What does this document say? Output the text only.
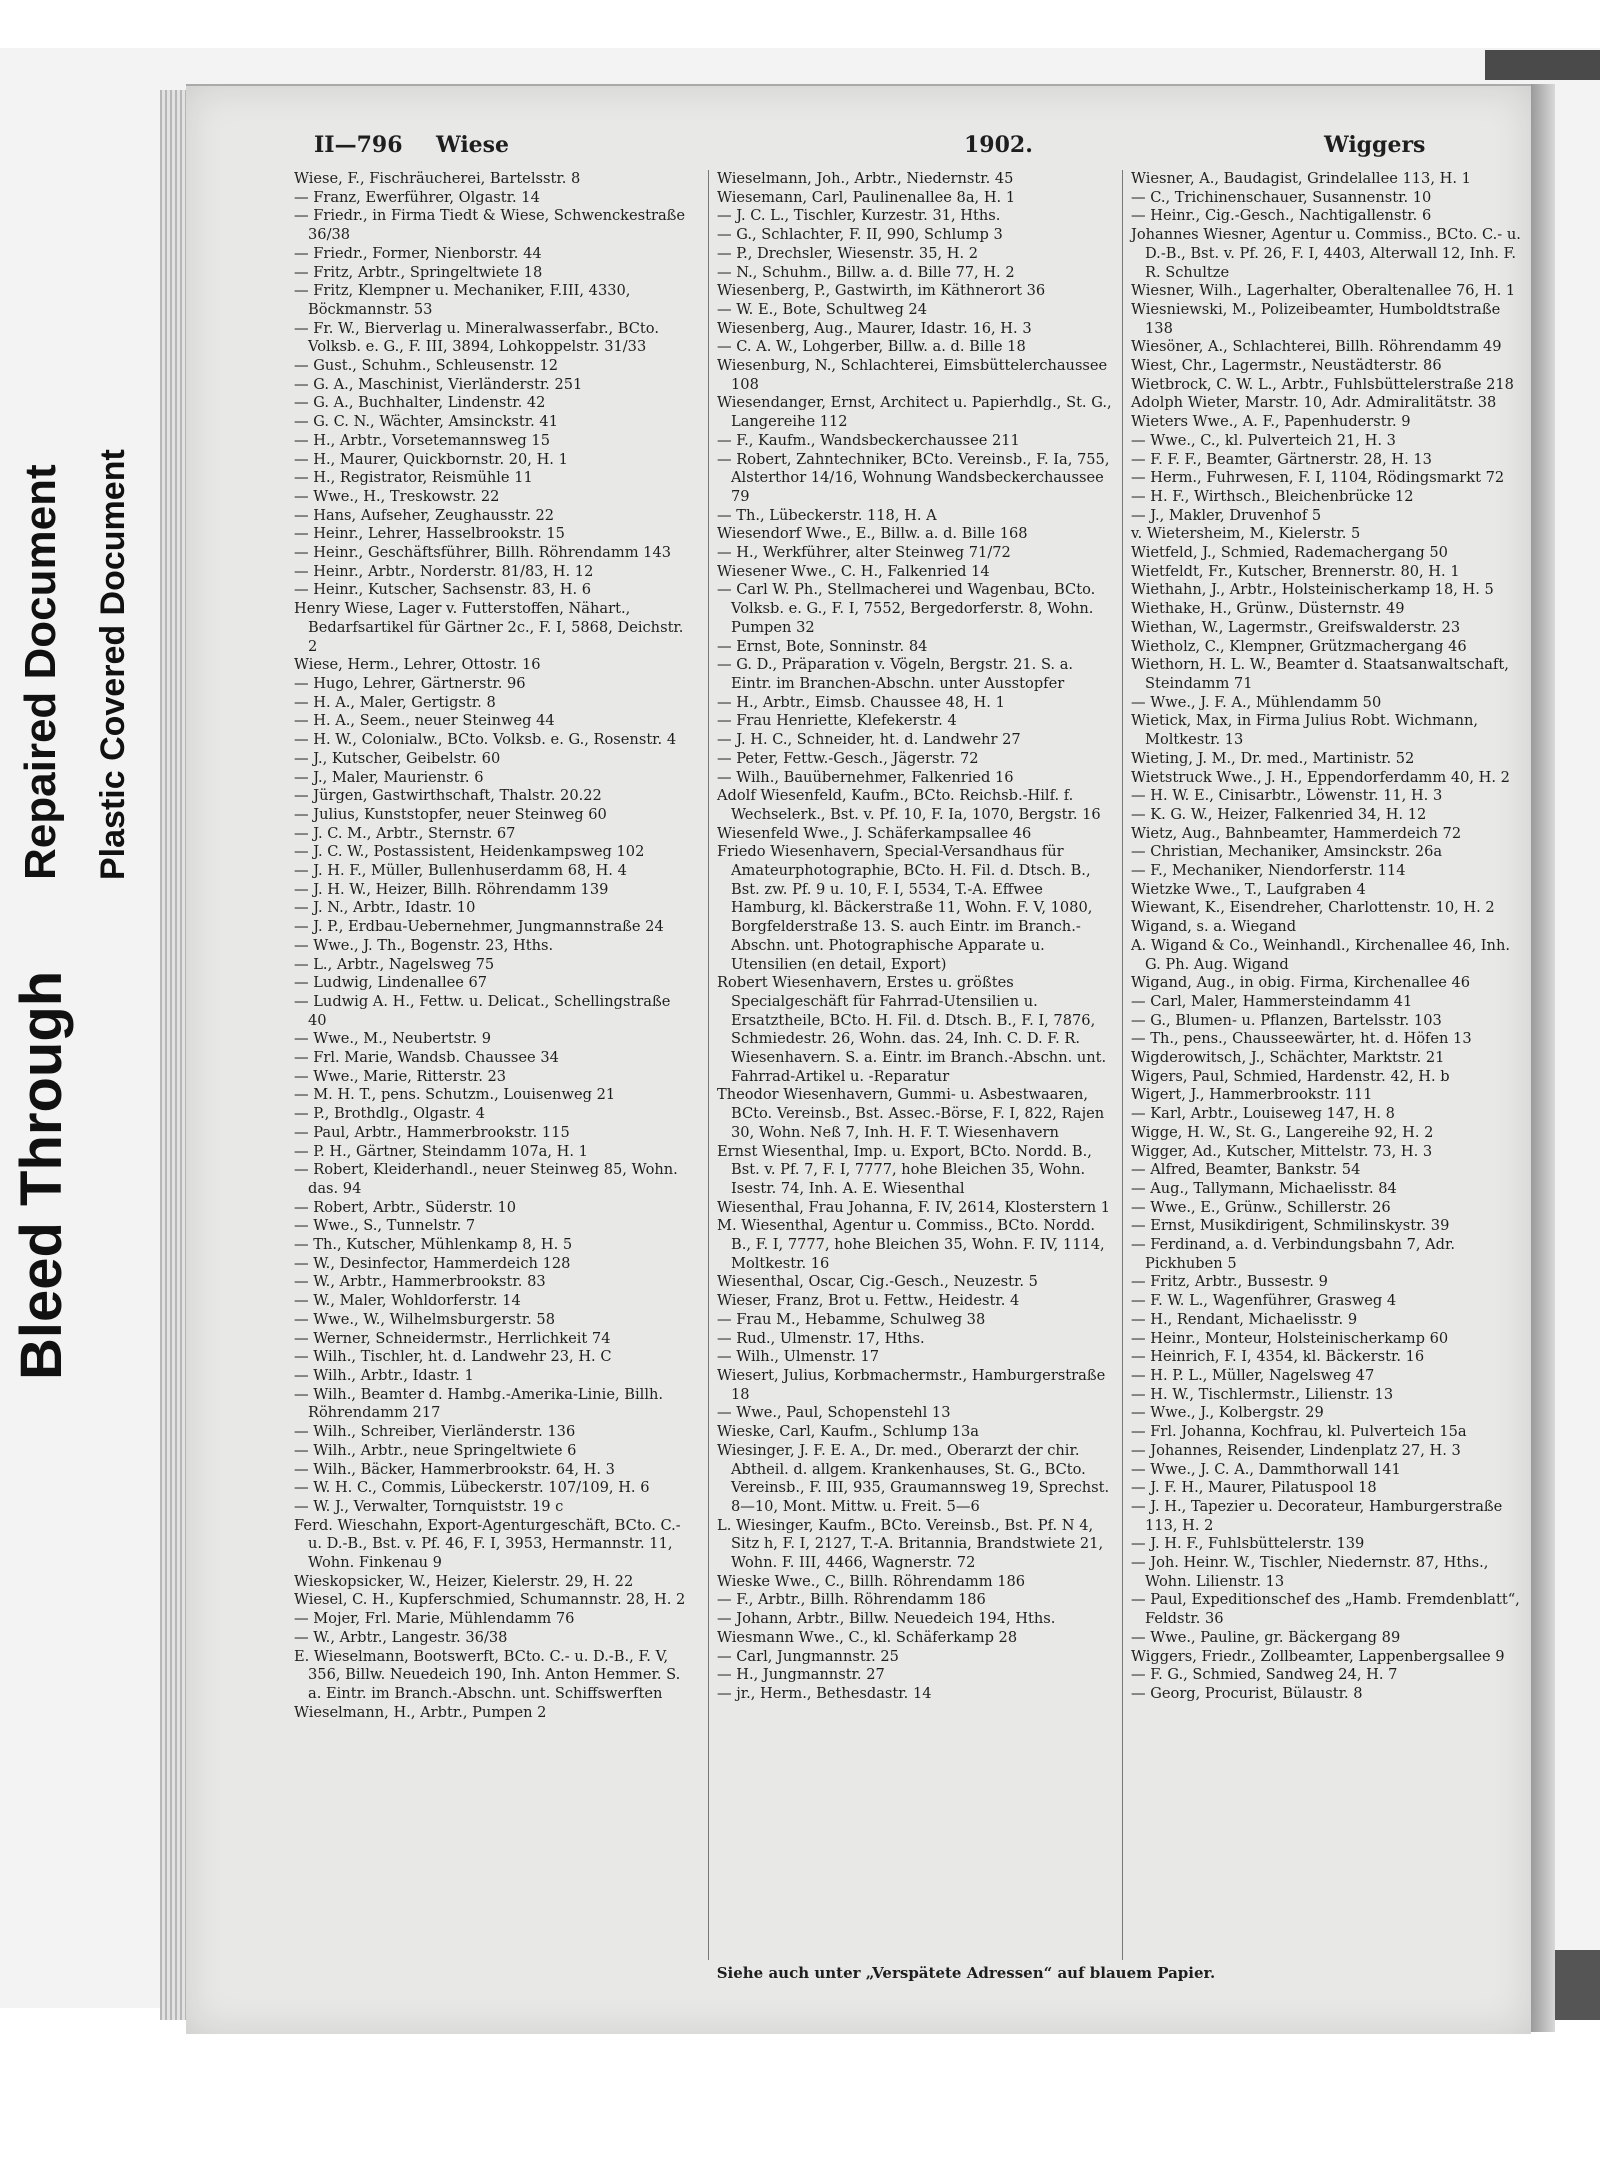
Bleed Through
Repaired Document Plastic Covered Document
II—796 Wiese	1902.	Wiggers

Wiese, F., Fischräucherei, Bartelsstr. 8

— Franz, Ewerführer, Olgastr. 14

— Friedr., in Firma Tiedt & Wiese, Schwenckestraße 36/38

— Friedr., Former, Nienborstr. 44

— Fritz, Arbtr., Springeltwiete 18

— Fritz, Klempner u. Mechaniker, F.III, 4330, Böckmannstr. 53

— Fr. W., Bierverlag u. Mineralwasserfabr., BCto. Volksb. e. G., F. III, 3894, Lohkoppelstr. 31/33

— Gust., Schuhm., Schleusenstr. 12

— G. A., Maschinist, Vierländerstr. 251

— G. A., Buchhalter, Lindenstr. 42

— G. C. N., Wächter, Amsinckstr. 41

— H., Arbtr., Vorsetemannsweg 15

— H., Maurer, Quickbornstr. 20, H. 1

— H., Registrator, Reismühle 11

— Wwe., H., Treskowstr. 22

— Hans, Aufseher, Zeughausstr. 22

— Heinr., Lehrer, Hasselbrookstr. 15

— Heinr., Geschäftsführer, Billh. Röhrendamm 143

— Heinr., Arbtr., Norderstr. 81/83, H. 12

— Heinr., Kutscher, Sachsenstr. 83, H. 6

Henry Wiese, Lager v. Futterstoffen, Nähart., Bedarfsartikel für Gärtner 2c., F. I, 5868, Deichstr. 2

Wiese, Herm., Lehrer, Ottostr. 16

— Hugo, Lehrer, Gärtnerstr. 96

— H. A., Maler, Gertigstr. 8

— H. A., Seem., neuer Steinweg 44

— H. W., Colonialw., BCto. Volksb. e. G., Rosenstr. 4

— J., Kutscher, Geibelstr. 60

— J., Maler, Maurienstr. 6

— Jürgen, Gastwirthschaft, Thalstr. 20.22

— Julius, Kunststopfer, neuer Steinweg 60

— J. C. M., Arbtr., Sternstr. 67

— J. C. W., Postassistent, Heidenkampsweg 102

— J. H. F., Müller, Bullenhuserdamm 68, H. 4

— J. H. W., Heizer, Billh. Röhrendamm 139

— J. N., Arbtr., Idastr. 10

— J. P., Erdbau-Uebernehmer, Jungmannstraße 24

— Wwe., J. Th., Bogenstr. 23, Hths.

— L., Arbtr., Nagelsweg 75

— Ludwig, Lindenallee 67

— Ludwig A. H., Fettw. u. Delicat., Schellingstraße 40

— Wwe., M., Neubertstr. 9

— Frl. Marie, Wandsb. Chaussee 34

— Wwe., Marie, Ritterstr. 23

— M. H. T., pens. Schutzm., Louisenweg 21

— P., Brothdlg., Olgastr. 4

— Paul, Arbtr., Hammerbrookstr. 115

— P. H., Gärtner, Steindamm 107a, H. 1

— Robert, Kleiderhandl., neuer Steinweg 85, Wohn. das. 94

— Robert, Arbtr., Süderstr. 10

— Wwe., S., Tunnelstr. 7

— Th., Kutscher, Mühlenkamp 8, H. 5

— W., Desinfector, Hammerdeich 128

— W., Arbtr., Hammerbrookstr. 83

— W., Maler, Wohldorferstr. 14

— Wwe., W., Wilhelmsburgerstr. 58

— Werner, Schneidermstr., Herrlichkeit 74

— Wilh., Tischler, ht. d. Landwehr 23, H. C

— Wilh., Arbtr., Idastr. 1

— Wilh., Beamter d. Hambg.-Amerika-Linie, Billh. Röhrendamm 217

— Wilh., Schreiber, Vierländerstr. 136

— Wilh., Arbtr., neue Springeltwiete 6

— Wilh., Bäcker, Hammerbrookstr. 64, H. 3

— W. H. C., Commis, Lübeckerstr. 107/109, H. 6

— W. J., Verwalter, Tornquiststr. 19 c

Ferd. Wieschahn, Export-Agenturgeschäft, BCto. C.- u. D.-B., Bst. v. Pf. 46, F. I, 3953, Hermannstr. 11, Wohn. Finkenau 9

Wieskopsicker, W., Heizer, Kielerstr. 29, H. 22

Wiesel, C. H., Kupferschmied, Schumannstr. 28, H. 2

— Mojer, Frl. Marie, Mühlendamm 76

— W., Arbtr., Langestr. 36/38

E. Wieselmann, Bootswerft, BCto. C.- u. D.-B., F. V, 356, Billw. Neuedeich 190, Inh. Anton Hemmer. S. a. Eintr. im Branch.-Abschn. unt. Schiffswerften

Wieselmann, H., Arbtr., Pumpen 2

Wieselmann, Joh., Arbtr., Niedernstr. 45

Wiesemann, Carl, Paulinenallee 8a, H. 1

— J. C. L., Tischler, Kurzestr. 31, Hths.

— G., Schlachter, F. II, 990, Schlump 3

— P., Drechsler, Wiesenstr. 35, H. 2

— N., Schuhm., Billw. a. d. Bille 77, H. 2

Wiesenberg, P., Gastwirth, im Käthnerort 36

— W. E., Bote, Schultweg 24

Wiesenberg, Aug., Maurer, Idastr. 16, H. 3

— C. A. W., Lohgerber, Billw. a. d. Bille 18

Wiesenburg, N., Schlachterei, Eimsbüttelerchaussee 108

Wiesendanger, Ernst, Architect u. Papierhdlg., St. G., Langereihe 112

— F., Kaufm., Wandsbeckerchaussee 211

— Robert, Zahntechniker, BCto. Vereinsb., F. Ia, 755, Alsterthor 14/16, Wohnung Wandsbeckerchaussee 79

— Th., Lübeckerstr. 118, H. A

Wiesendorf Wwe., E., Billw. a. d. Bille 168

— H., Werkführer, alter Steinweg 71/72

Wiesener Wwe., C. H., Falkenried 14

— Carl W. Ph., Stellmacherei und Wagenbau, BCto. Volksb. e. G., F. I, 7552, Bergedorferstr. 8, Wohn. Pumpen 32

— Ernst, Bote, Sonninstr. 84

— G. D., Präparation v. Vögeln, Bergstr. 21. S. a. Eintr. im Branchen-Abschn. unter Ausstopfer

— H., Arbtr., Eimsb. Chaussee 48, H. 1

— Frau Henriette, Klefekerstr. 4

— J. H. C., Schneider, ht. d. Landwehr 27

— Peter, Fettw.-Gesch., Jägerstr. 72

— Wilh., Bauübernehmer, Falkenried 16

Adolf Wiesenfeld, Kaufm., BCto. Reichsb.-Hilf. f. Wechselerk., Bst. v. Pf. 10, F. Ia, 1070, Bergstr. 16

Wiesenfeld Wwe., J. Schäferkampsallee 46

Friedo Wiesenhavern, Special-Versandhaus für Amateurphotographie, BCto. H. Fil. d. Dtsch. B., Bst. zw. Pf. 9 u. 10, F. I, 5534, T.-A. Effwee Hamburg, kl. Bäckerstraße 11, Wohn. F. V, 1080, Borgfelderstraße 13. S. auch Eintr. im Branch.-Abschn. unt. Photographische Apparate u. Utensilien (en detail, Export)

Robert Wiesenhavern, Erstes u. größtes Specialgeschäft für Fahrrad-Utensilien u. Ersatztheile, BCto. H. Fil. d. Dtsch. B., F. I, 7876, Schmiedestr. 26, Wohn. das. 24, Inh. C. D. F. R. Wiesenhavern. S. a. Eintr. im Branch.-Abschn. unt. Fahrrad-Artikel u. -Reparatur

Theodor Wiesenhavern, Gummi- u. Asbestwaaren, BCto. Vereinsb., Bst. Assec.-Börse, F. I, 822, Rajen 30, Wohn. Neß 7, Inh. H. F. T. Wiesenhavern

Ernst Wiesenthal, Imp. u. Export, BCto. Nordd. B., Bst. v. Pf. 7, F. I, 7777, hohe Bleichen 35, Wohn. Isestr. 74, Inh. A. E. Wiesenthal

Wiesenthal, Frau Johanna, F. IV, 2614, Klosterstern 1

M. Wiesenthal, Agentur u. Commiss., BCto. Nordd. B., F. I, 7777, hohe Bleichen 35, Wohn. F. IV, 1114, Moltkestr. 16

Wiesenthal, Oscar, Cig.-Gesch., Neuzestr. 5

Wieser, Franz, Brot u. Fettw., Heidestr. 4

— Frau M., Hebamme, Schulweg 38

— Rud., Ulmenstr. 17, Hths.

— Wilh., Ulmenstr. 17

Wiesert, Julius, Korbmachermstr., Hamburgerstraße 18

— Wwe., Paul, Schopenstehl 13

Wieske, Carl, Kaufm., Schlump 13a

Wiesinger, J. F. E. A., Dr. med., Oberarzt der chir. Abtheil. d. allgem. Krankenhauses, St. G., BCto. Vereinsb., F. III, 935, Graumannsweg 19, Sprechst. 8—10, Mont. Mittw. u. Freit. 5—6

L. Wiesinger, Kaufm., BCto. Vereinsb., Bst. Pf. N 4, Sitz h, F. I, 2127, T.-A. Britannia, Brandstwiete 21, Wohn. F. III, 4466, Wagnerstr. 72

Wieske Wwe., C., Billh. Röhrendamm 186

— F., Arbtr., Billh. Röhrendamm 186

— Johann, Arbtr., Billw. Neuedeich 194, Hths.

Wiesmann Wwe., C., kl. Schäferkamp 28

— Carl, Jungmannstr. 25

— H., Jungmannstr. 27

— jr., Herm., Bethesdastr. 14

Wiesner, A., Baudagist, Grindelallee 113, H. 1

— C., Trichinenschauer, Susannenstr. 10

— Heinr., Cig.-Gesch., Nachtigallenstr. 6

Johannes Wiesner, Agentur u. Commiss., BCto. C.- u. D.-B., Bst. v. Pf. 26, F. I, 4403, Alterwall 12, Inh. F. R. Schultze

Wiesner, Wilh., Lagerhalter, Oberaltenallee 76, H. 1

Wiesniewski, M., Polizeibeamter, Humboldtstraße 138

Wiesöner, A., Schlachterei, Billh. Röhrendamm 49

Wiest, Chr., Lagermstr., Neustädterstr. 86

Wietbrock, C. W. L., Arbtr., Fuhlsbüttelerstraße 218

Adolph Wieter, Marstr. 10, Adr. Admiralitätstr. 38

Wieters Wwe., A. F., Papenhuderstr. 9

— Wwe., C., kl. Pulverteich 21, H. 3

— F. F. F., Beamter, Gärtnerstr. 28, H. 13

— Herm., Fuhrwesen, F. I, 1104, Rödingsmarkt 72

— H. F., Wirthsch., Bleichenbrücke 12

— J., Makler, Druvenhof 5

v. Wietersheim, M., Kielerstr. 5

Wietfeld, J., Schmied, Rademachergang 50

Wietfeldt, Fr., Kutscher, Brennerstr. 80, H. 1

Wiethahn, J., Arbtr., Holsteinischerkamp 18, H. 5

Wiethake, H., Grünw., Düsternstr. 49

Wiethan, W., Lagermstr., Greifswalderstr. 23

Wietholz, C., Klempner, Grützmachergang 46

Wiethorn, H. L. W., Beamter d. Staatsanwaltschaft, Steindamm 71

— Wwe., J. F. A., Mühlendamm 50

Wietick, Max, in Firma Julius Robt. Wichmann, Moltkestr. 13

Wieting, J. M., Dr. med., Martinistr. 52

Wietstruck Wwe., J. H., Eppendorferdamm 40, H. 2

— H. W. E., Cinisarbtr., Löwenstr. 11, H. 3

— K. G. W., Heizer, Falkenried 34, H. 12

Wietz, Aug., Bahnbeamter, Hammerdeich 72

— Christian, Mechaniker, Amsinckstr. 26a

— F., Mechaniker, Niendorferstr. 114

Wietzke Wwe., T., Laufgraben 4

Wiewant, K., Eisendreher, Charlottenstr. 10, H. 2

Wigand, s. a. Wiegand

A. Wigand & Co., Weinhandl., Kirchenallee 46, Inh. G. Ph. Aug. Wigand

Wigand, Aug., in obig. Firma, Kirchenallee 46

— Carl, Maler, Hammersteindamm 41

— G., Blumen- u. Pflanzen, Bartelsstr. 103

— Th., pens., Chausseewärter, ht. d. Höfen 13

Wigderowitsch, J., Schächter, Marktstr. 21

Wigers, Paul, Schmied, Hardenstr. 42, H. b

Wigert, J., Hammerbrookstr. 111

— Karl, Arbtr., Louiseweg 147, H. 8

Wigge, H. W., St. G., Langereihe 92, H. 2

Wigger, Ad., Kutscher, Mittelstr. 73, H. 3

— Alfred, Beamter, Bankstr. 54

— Aug., Tallymann, Michaelisstr. 84

— Wwe., E., Grünw., Schillerstr. 26

— Ernst, Musikdirigent, Schmilinskystr. 39

— Ferdinand, a. d. Verbindungsbahn 7, Adr. Pickhuben 5

— Fritz, Arbtr., Bussestr. 9

— F. W. L., Wagenführer, Grasweg 4

— H., Rendant, Michaelisstr. 9

— Heinr., Monteur, Holsteinischerkamp 60

— Heinrich, F. I, 4354, kl. Bäckerstr. 16

— H. P. L., Müller, Nagelsweg 47

— H. W., Tischlermstr., Lilienstr. 13

— Wwe., J., Kolbergstr. 29

— Frl. Johanna, Kochfrau, kl. Pulverteich 15a

— Johannes, Reisender, Lindenplatz 27, H. 3

— Wwe., J. C. A., Dammthorwall 141

— J. F. H., Maurer, Pilatuspool 18

— J. H., Tapezier u. Decorateur, Hamburgerstraße 113, H. 2

— J. H. F., Fuhlsbüttelerstr. 139

— Joh. Heinr. W., Tischler, Niedernstr. 87, Hths., Wohn. Lilienstr. 13

— Paul, Expeditionschef des „Hamb. Fremdenblatt“, Feldstr. 36

— Wwe., Pauline, gr. Bäckergang 89

Wiggers, Friedr., Zollbeamter, Lappenbergsallee 9

— F. G., Schmied, Sandweg 24, H. 7

— Georg, Procurist, Bülaustr. 8

Siehe auch unter „Verspätete Adressen“ auf blauem Papier.
